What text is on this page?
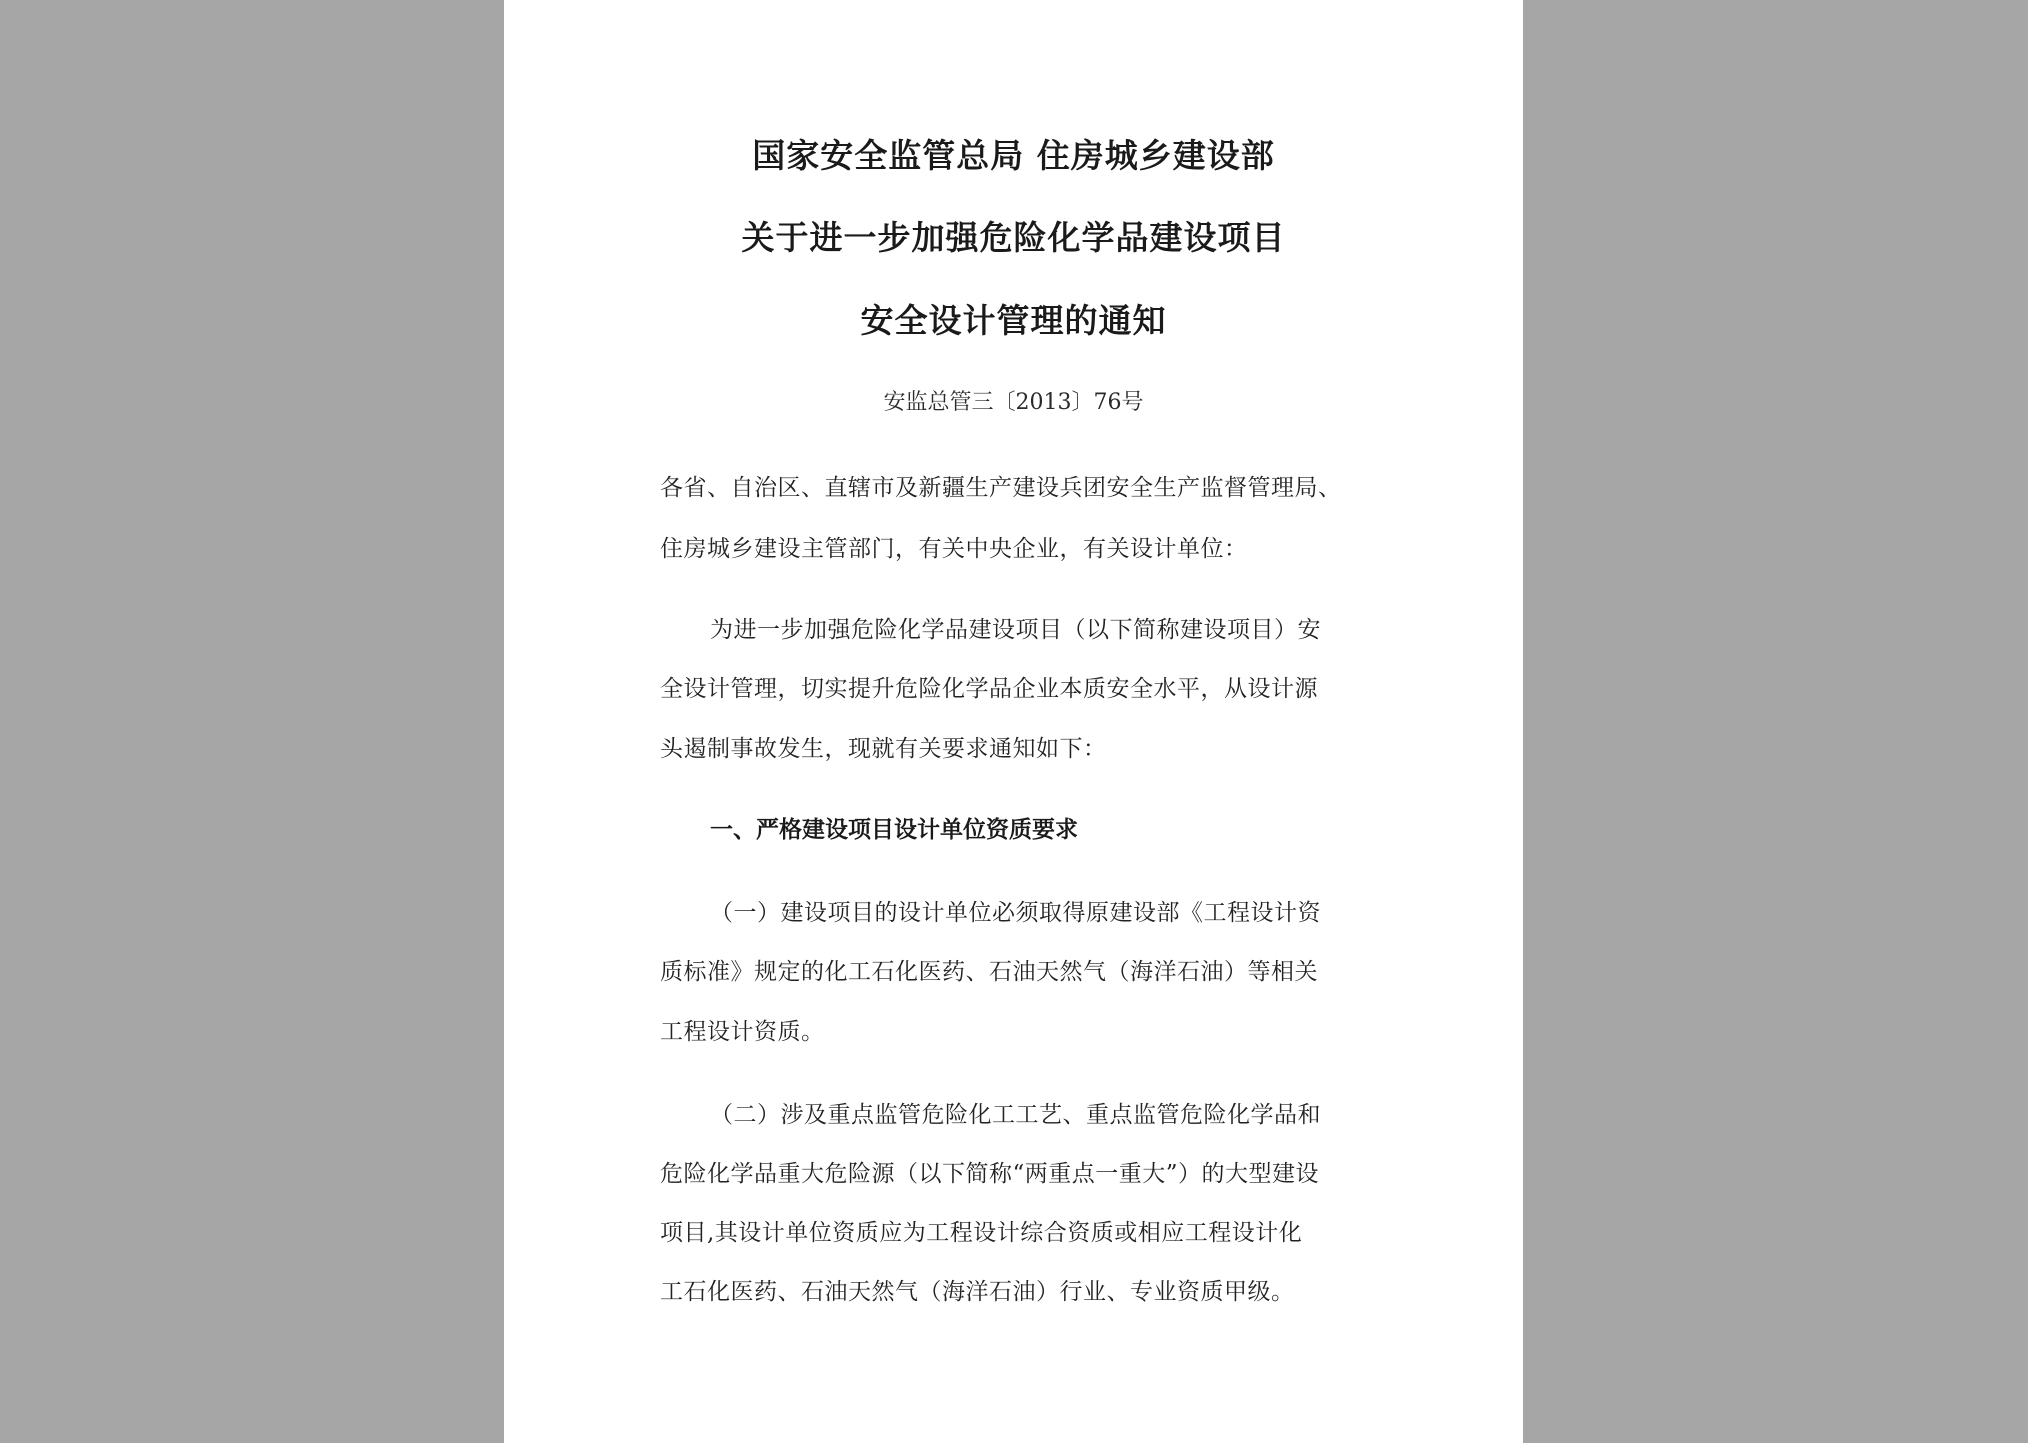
国家安全监管总局 住房城乡建设部
关于进一步加强危险化学品建设项目
安全设计管理的通知
安监总管三〔2013〕76号
各省、自治区、直辖市及新疆生产建设兵团安全生产监督管理局、
住房城乡建设主管部门，有关中央企业，有关设计单位：
为进一步加强危险化学品建设项目（以下简称建设项目）安
全设计管理，切实提升危险化学品企业本质安全水平，从设计源
头遏制事故发生，现就有关要求通知如下：
一、严格建设项目设计单位资质要求
（一）建设项目的设计单位必须取得原建设部《工程设计资
质标准》规定的化工石化医药、石油天然气（海洋石油）等相关
工程设计资质。
（二）涉及重点监管危险化工工艺、重点监管危险化学品和
危险化学品重大危险源（以下简称“两重点一重大”）的大型建设
项目,其设计单位资质应为工程设计综合资质或相应工程设计化
工石化医药、石油天然气（海洋石油）行业、专业资质甲级。
